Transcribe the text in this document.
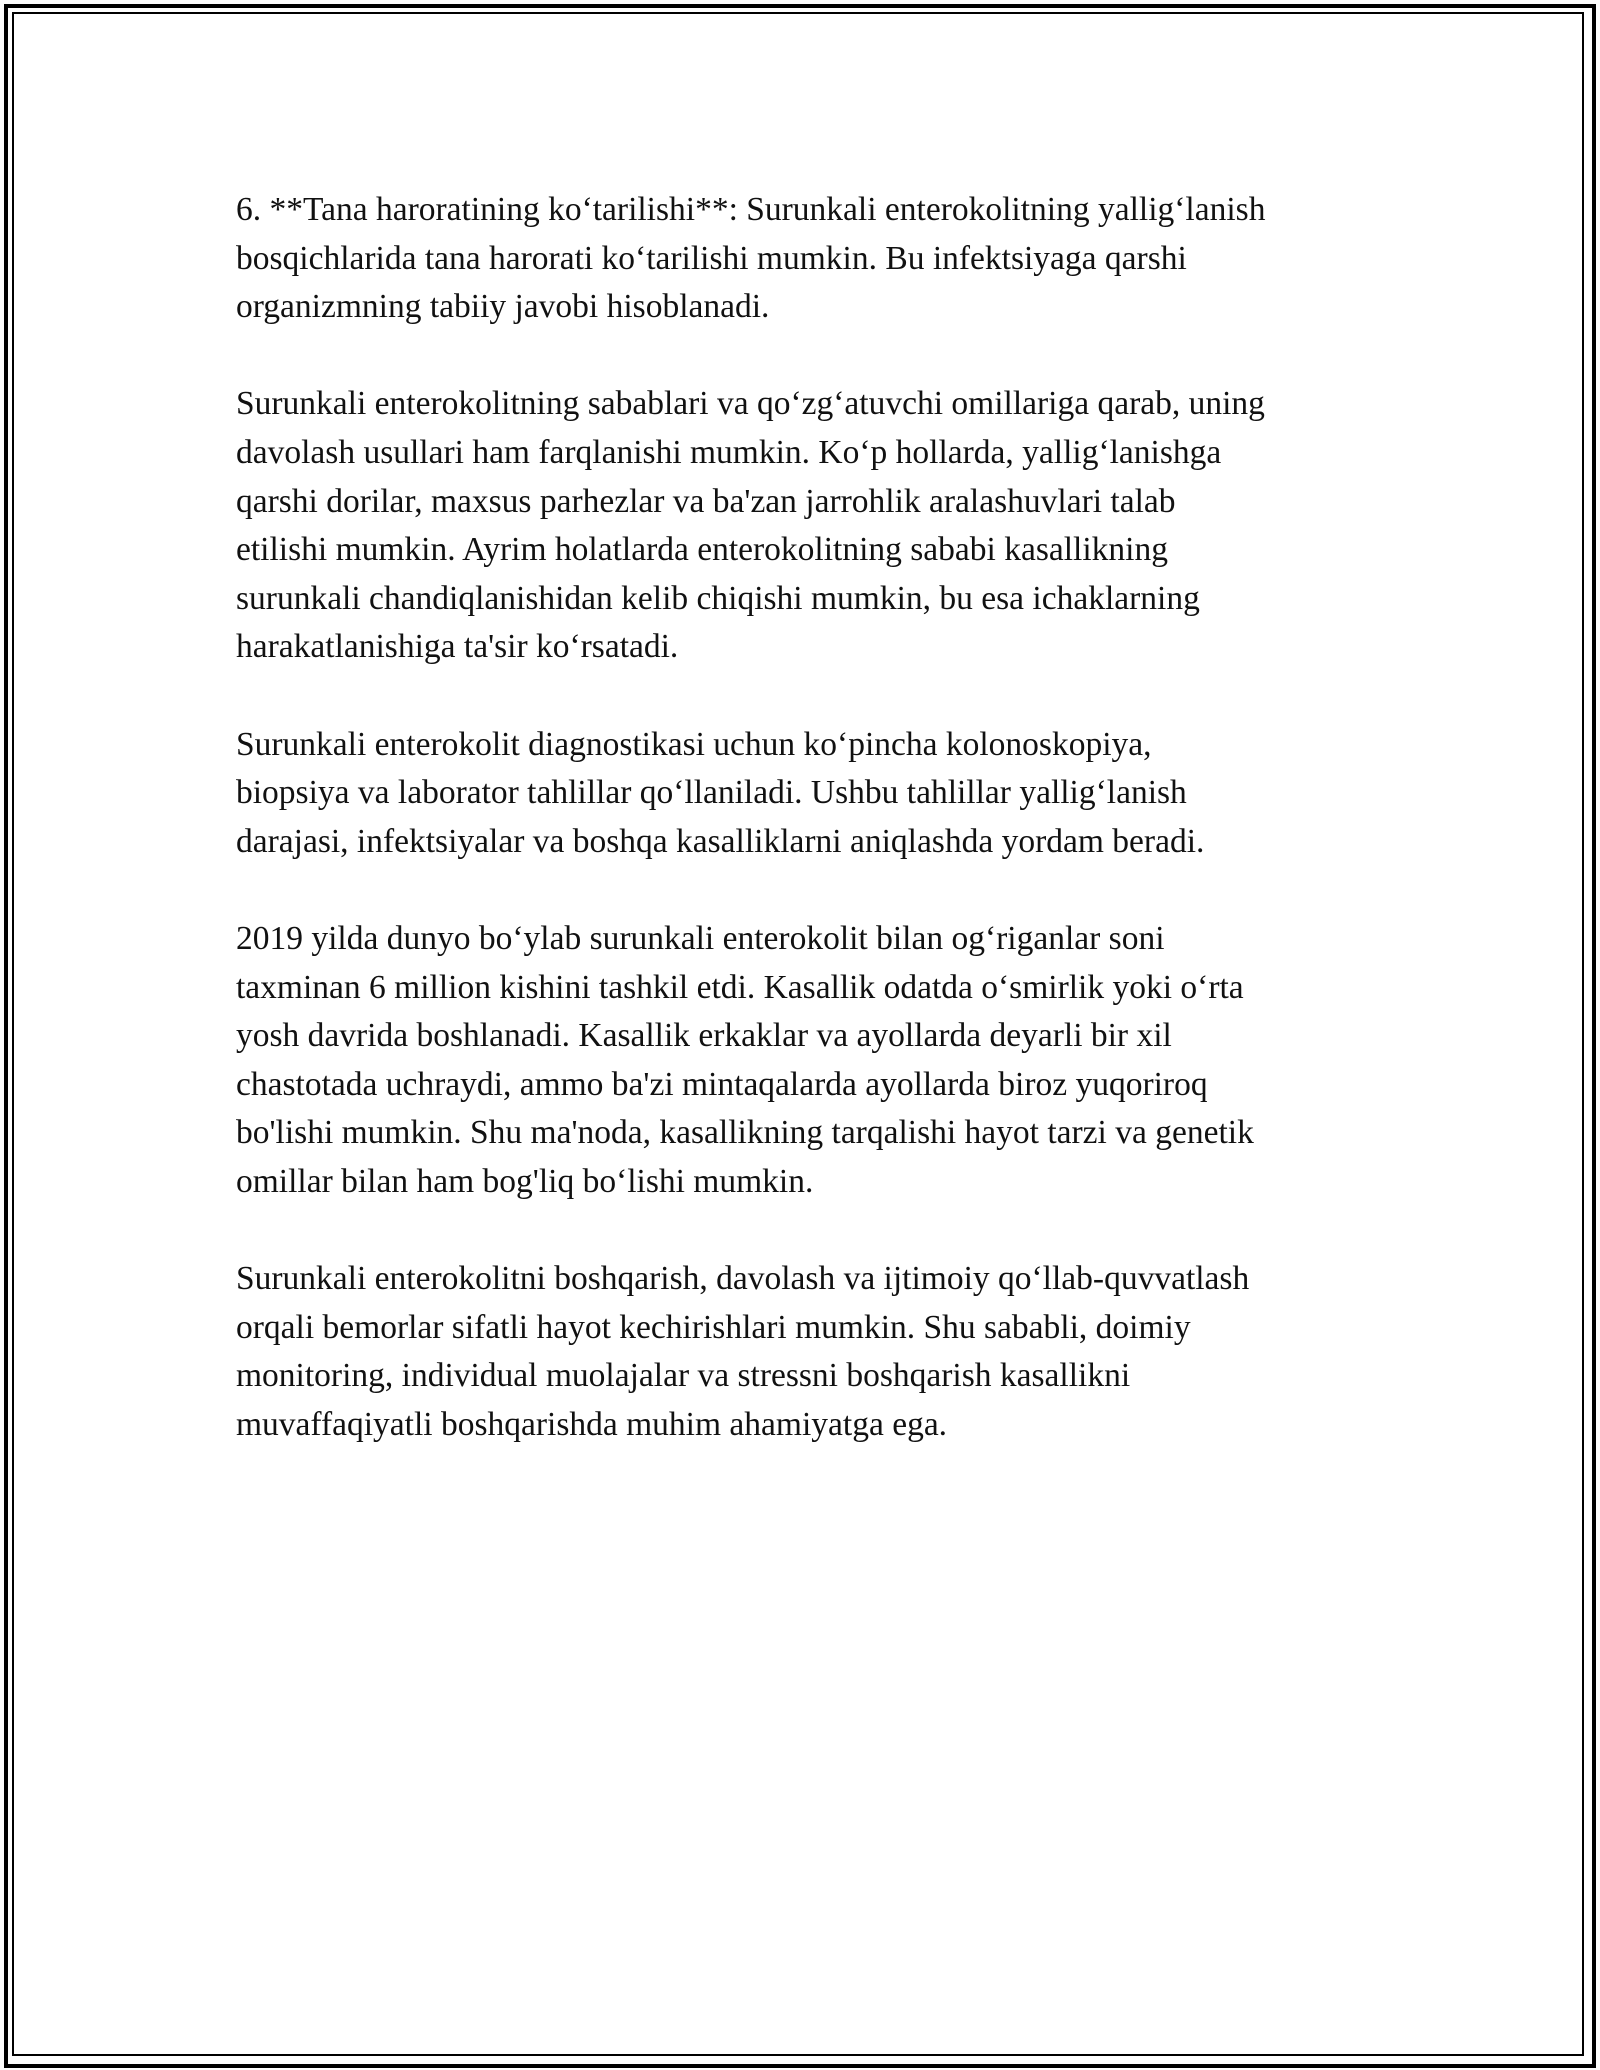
6. **Tana haroratining ko‘tarilishi**: Surunkali enterokolitning yallig‘lanish
bosqichlarida tana harorati ko‘tarilishi mumkin. Bu infektsiyaga qarshi
organizmning tabiiy javobi hisoblanadi.

Surunkali enterokolitning sabablari va qo‘zg‘atuvchi omillariga qarab, uning
davolash usullari ham farqlanishi mumkin. Ko‘p hollarda, yallig‘lanishga
qarshi dorilar, maxsus parhezlar va ba'zan jarrohlik aralashuvlari talab
etilishi mumkin. Ayrim holatlarda enterokolitning sababi kasallikning
surunkali chandiqlanishidan kelib chiqishi mumkin, bu esa ichaklarning
harakatlanishiga ta'sir ko‘rsatadi.

Surunkali enterokolit diagnostikasi uchun ko‘pincha kolonoskopiya,
biopsiya va laborator tahlillar qo‘llaniladi. Ushbu tahlillar yallig‘lanish
darajasi, infektsiyalar va boshqa kasalliklarni aniqlashda yordam beradi.

2019 yilda dunyo bo‘ylab surunkali enterokolit bilan og‘riganlar soni
taxminan 6 million kishini tashkil etdi. Kasallik odatda o‘smirlik yoki o‘rta
yosh davrida boshlanadi. Kasallik erkaklar va ayollarda deyarli bir xil
chastotada uchraydi, ammo ba'zi mintaqalarda ayollarda biroz yuqoriroq
bo'lishi mumkin. Shu ma'noda, kasallikning tarqalishi hayot tarzi va genetik
omillar bilan ham bog'liq bo‘lishi mumkin.

Surunkali enterokolitni boshqarish, davolash va ijtimoiy qo‘llab-quvvatlash
orqali bemorlar sifatli hayot kechirishlari mumkin. Shu sababli, doimiy
monitoring, individual muolajalar va stressni boshqarish kasallikni
muvaffaqiyatli boshqarishda muhim ahamiyatga ega.
